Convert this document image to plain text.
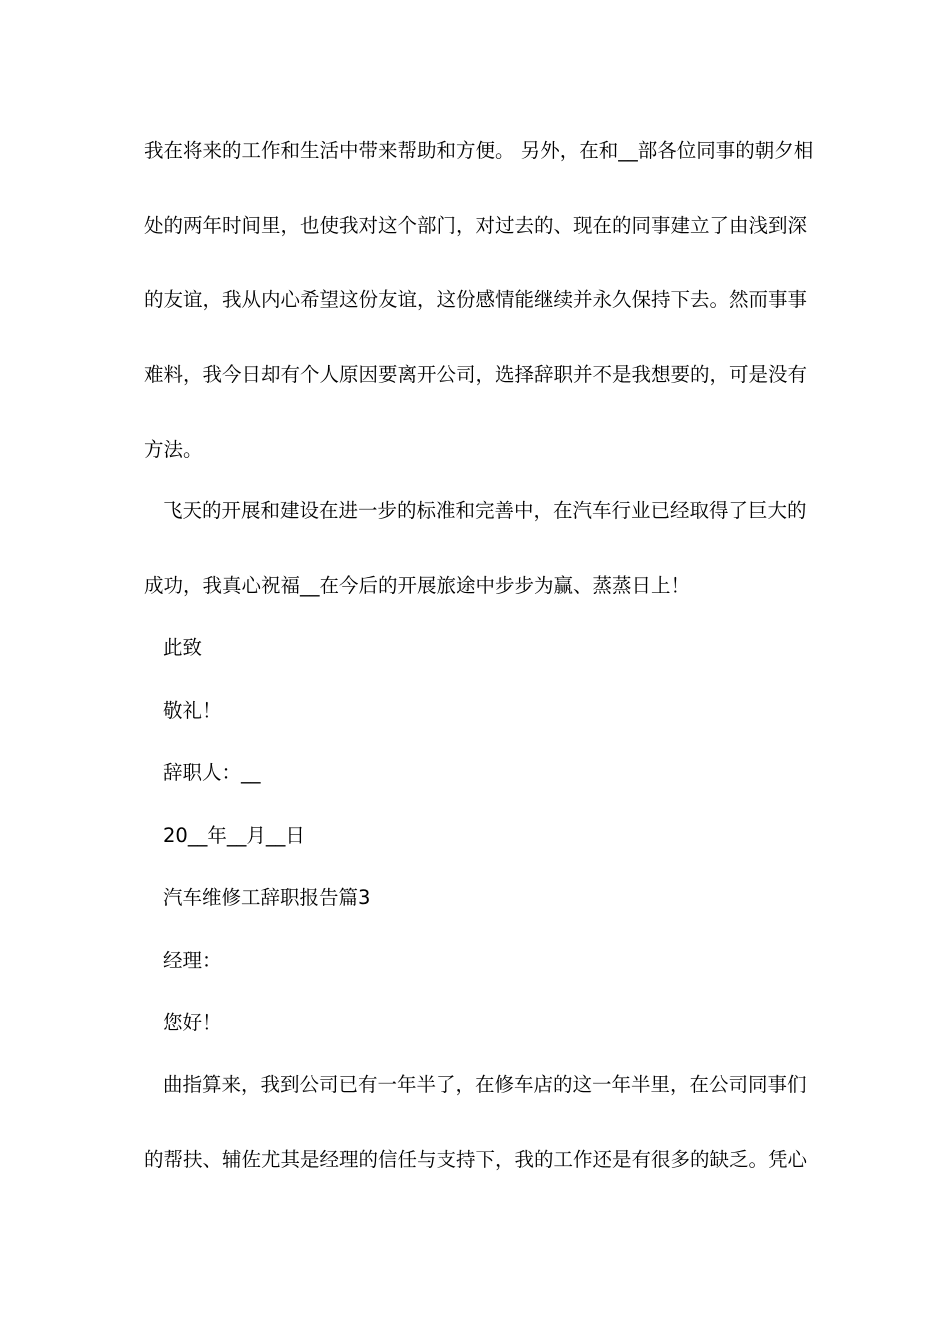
我在将来的工作和生活中带来帮助和方便。 另外，在和__部各位同事的朝夕相
处的两年时间里，也使我对这个部门，对过去的、现在的同事建立了由浅到深
的友谊，我从内心希望这份友谊，这份感情能继续并永久保持下去。然而事事
难料，我今日却有个人原因要离开公司，选择辞职并不是我想要的，可是没有
方法。
飞天的开展和建设在进一步的标准和完善中，在汽车行业已经取得了巨大的
成功，我真心祝福__在今后的开展旅途中步步为赢、蒸蒸日上！
此致
敬礼！
辞职人：__
20__年__月__日
汽车维修工辞职报告篇3
经理：
您好！
曲指算来，我到公司已有一年半了，在修车店的这一年半里，在公司同事们
的帮扶、辅佐尤其是经理的信任与支持下，我的工作还是有很多的缺乏。凭心
